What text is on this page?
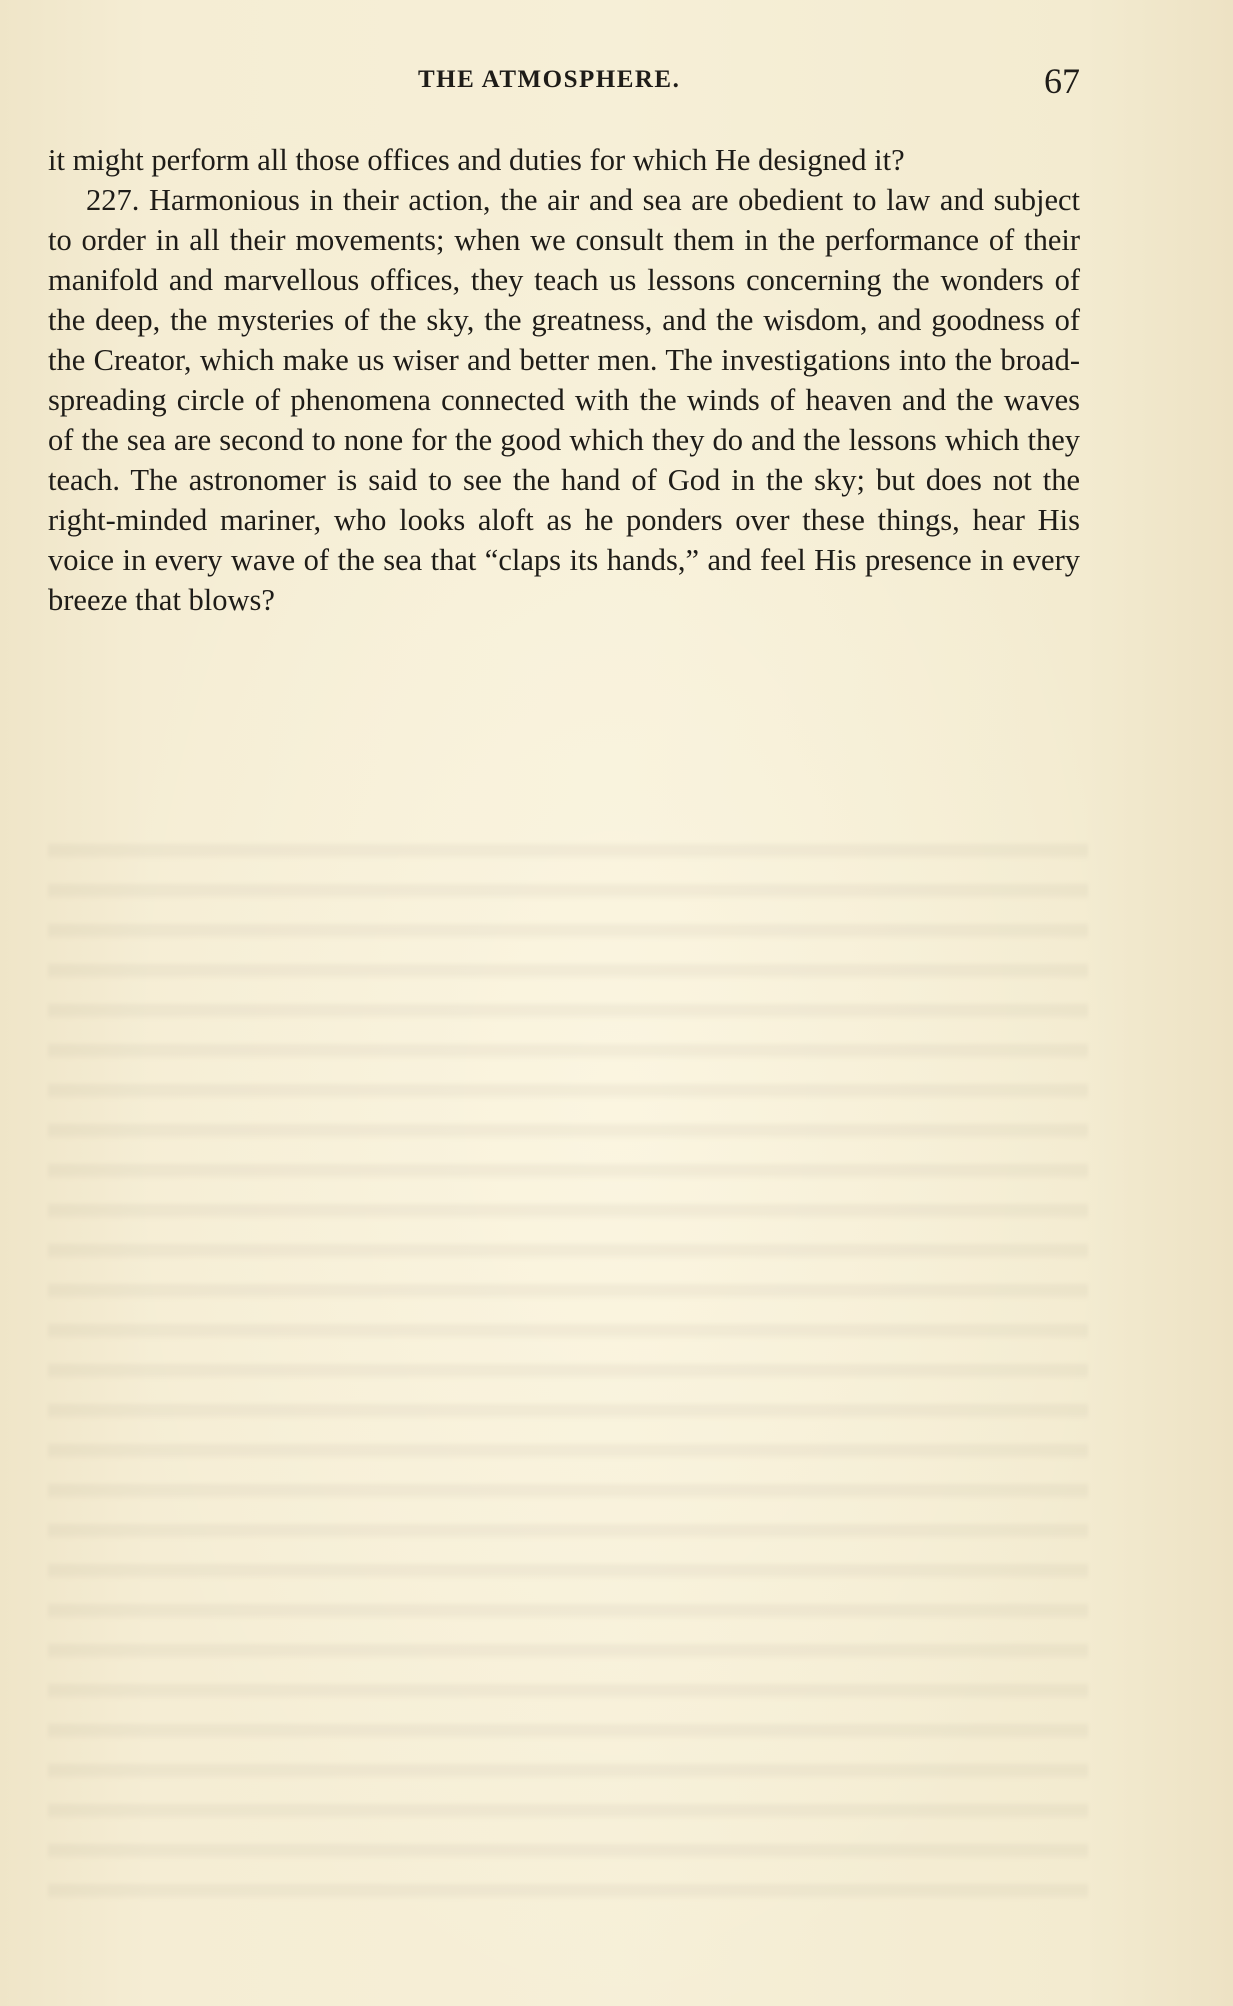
THE ATMOSPHERE.	67

it might perform all those offices and duties for which He designed it?

227. Harmonious in their action, the air and sea are obedient to law and subject to order in all their movements; when we consult them in the performance of their manifold and marvellous offices, they teach us lessons concerning the wonders of the deep, the mysteries of the sky, the greatness, and the wisdom, and goodness of the Creator, which make us wiser and better men. The investigations into the broad-spreading circle of phenomena connected with the winds of heaven and the waves of the sea are second to none for the good which they do and the lessons which they teach. The astronomer is said to see the hand of God in the sky; but does not the right-minded mariner, who looks aloft as he ponders over these things, hear His voice in every wave of the sea that “claps its hands,” and feel His presence in every breeze that blows?
